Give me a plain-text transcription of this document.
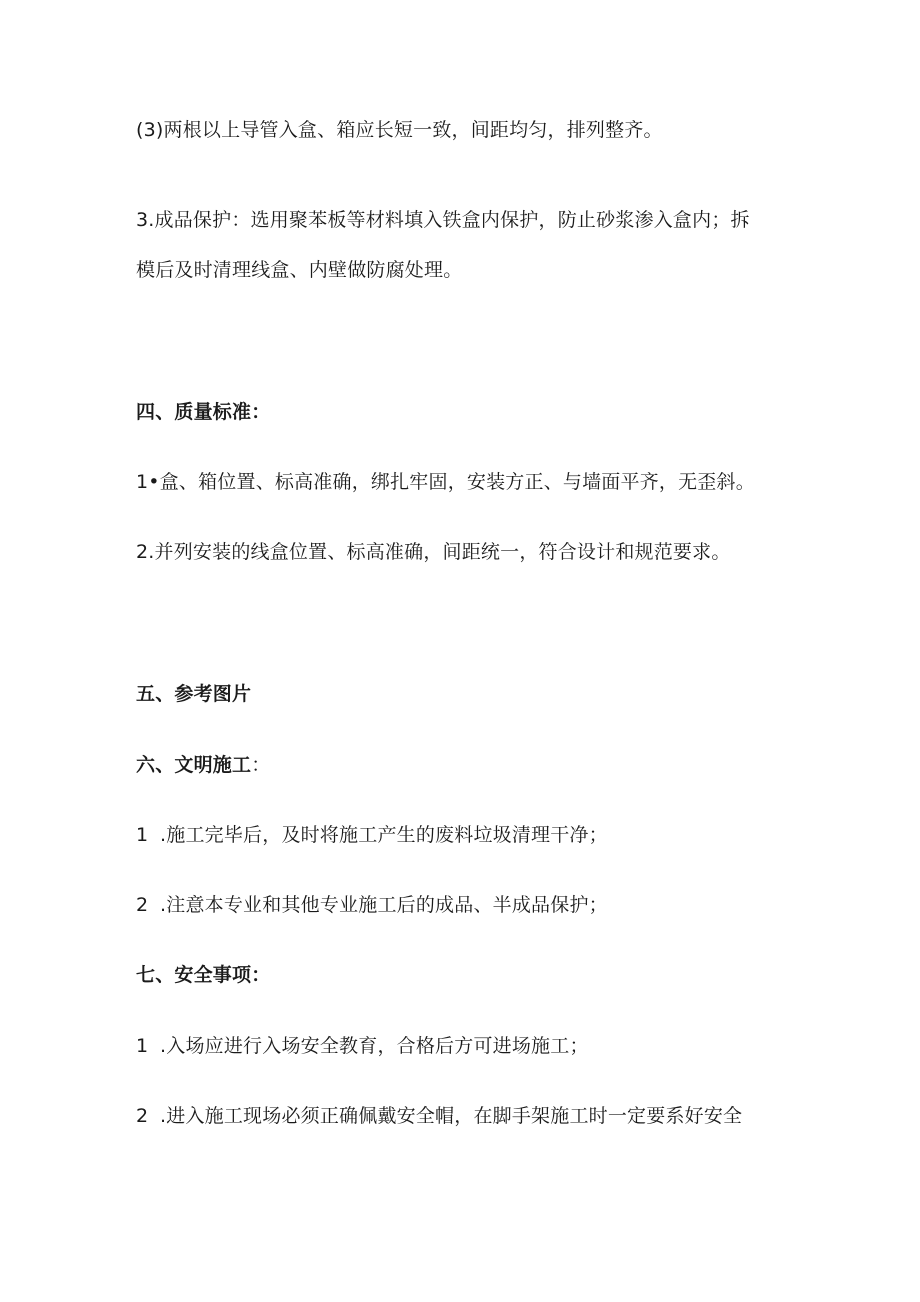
(3)两根以上导管入盒、箱应长短一致，间距均匀，排列整齐。
3.成品保护：选用聚苯板等材料填入铁盒内保护，防止砂浆渗入盒内；拆
模后及时清理线盒、内壁做防腐处理。
四、质量标准：
1•盒、箱位置、标高准确，绑扎牢固，安装方正、与墙面平齐，无歪斜。
2.并列安装的线盒位置、标高准确，间距统一，符合设计和规范要求。
五、参考图片
六、文明施工：
1 .施工完毕后，及时将施工产生的废料垃圾清理干净；
2 .注意本专业和其他专业施工后的成品、半成品保护；
七、安全事项：
1 .入场应进行入场安全教育，合格后方可进场施工；
2 .进入施工现场必须正确佩戴安全帽，在脚手架施工时一定要系好安全
